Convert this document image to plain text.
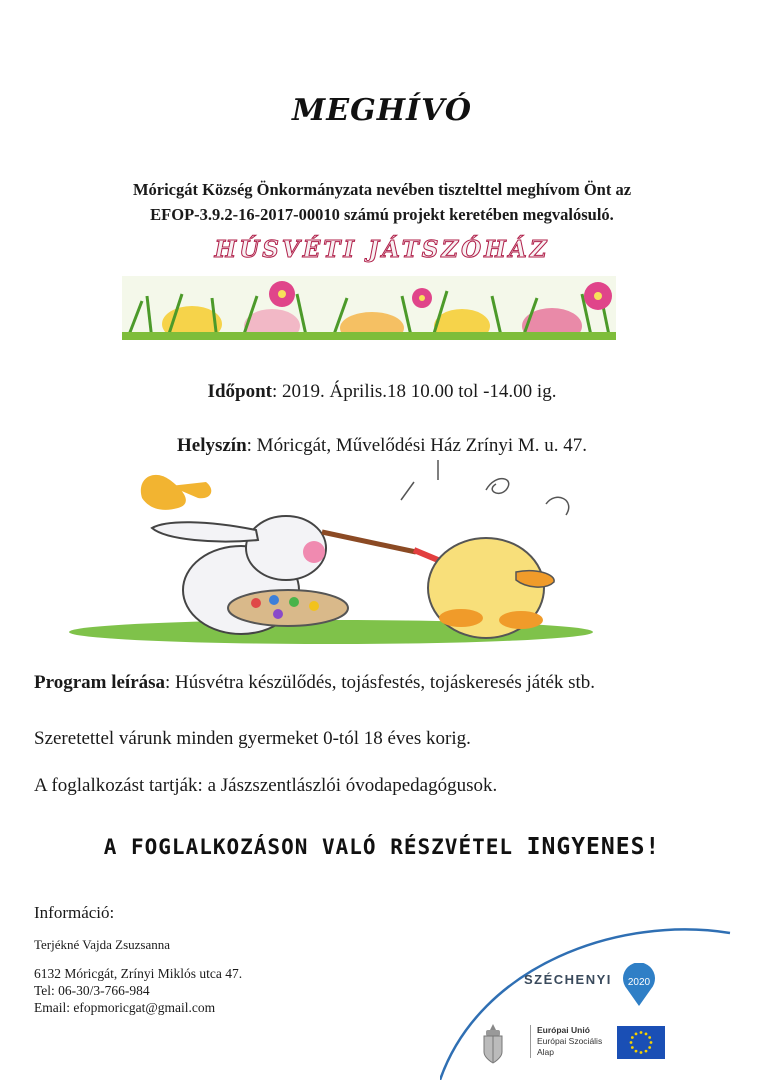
MEGHÍVÓ
Móricgát Község Önkormányzata nevében tisztelttel meghívom Önt az
EFOP-3.9.2-16-2017-00010 számú projekt keretében megvalósuló.
HÚSVÉTI JÁTSZÓHÁZ
Időpont: 2019. Április.18 10.00 tol -14.00 ig.
Helyszín: Móricgát, Művelődési Ház Zrínyi M. u. 47.
Program leírása: Húsvétra készülődés, tojásfestés, tojáskeresés játék stb.
Szeretettel várunk minden gyermeket 0-tól 18 éves korig.
A foglalkozást tartják: a Jászszentlászlói óvodapedagógusok.
A FOGLALKOZÁSON VALÓ RÉSZVÉTEL INGYENES!
Információ:
Terjékné Vajda Zsuzsanna
6132 Móricgát, Zrínyi Miklós utca 47.
Tel: 06-30/3-766-984
Email: efopmoricgat@gmail.com
SZÉCHENYI 2020
Európai Unió
Európai Szociális
Alap
